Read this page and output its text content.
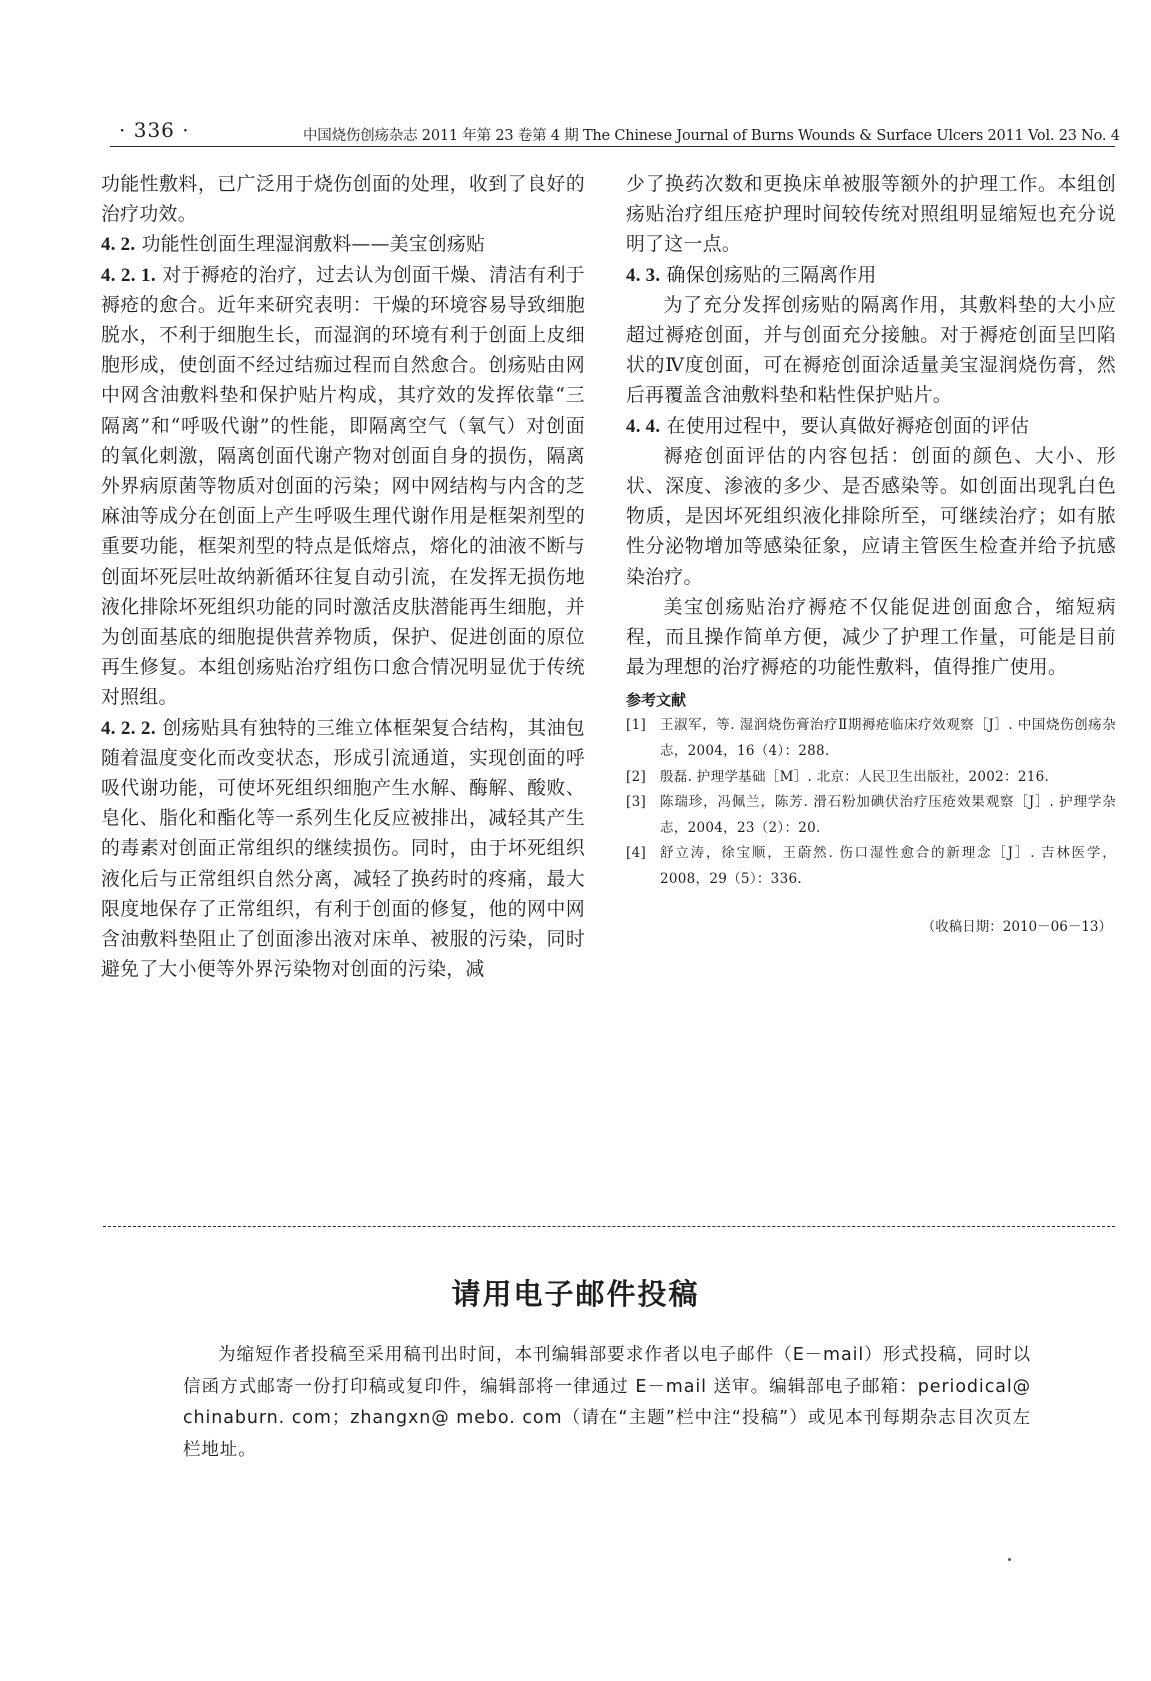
· 336 ·	中国烧伤创疡杂志 2011 年第 23 卷第 4 期 The Chinese Journal of Burns Wounds & Surface Ulcers 2011 Vol. 23 No. 4

功能性敷料，已广泛用于烧伤创面的处理，收到了良好的治疗功效。

4. 2. 功能性创面生理湿润敷料——美宝创疡贴

4. 2. 1. 对于褥疮的治疗，过去认为创面干燥、清洁有利于褥疮的愈合。近年来研究表明：干燥的环境容易导致细胞脱水，不利于细胞生长，而湿润的环境有利于创面上皮细胞形成，使创面不经过结痂过程而自然愈合。创疡贴由网中网含油敷料垫和保护贴片构成，其疗效的发挥依靠“三隔离”和“呼吸代谢”的性能，即隔离空气（氧气）对创面的氧化刺激，隔离创面代谢产物对创面自身的损伤，隔离外界病原菌等物质对创面的污染；网中网结构与内含的芝麻油等成分在创面上产生呼吸生理代谢作用是框架剂型的重要功能，框架剂型的特点是低熔点，熔化的油液不断与创面坏死层吐故纳新循环往复自动引流，在发挥无损伤地液化排除坏死组织功能的同时激活皮肤潜能再生细胞，并为创面基底的细胞提供营养物质，保护、促进创面的原位再生修复。本组创疡贴治疗组伤口愈合情况明显优于传统对照组。

4. 2. 2. 创疡贴具有独特的三维立体框架复合结构，其油包随着温度变化而改变状态，形成引流通道，实现创面的呼吸代谢功能，可使坏死组织细胞产生水解、酶解、酸败、皂化、脂化和酯化等一系列生化反应被排出，减轻其产生的毒素对创面正常组织的继续损伤。同时，由于坏死组织液化后与正常组织自然分离，减轻了换药时的疼痛，最大限度地保存了正常组织，有利于创面的修复，他的网中网含油敷料垫阻止了创面渗出液对床单、被服的污染，同时避免了大小便等外界污染物对创面的污染，减

少了换药次数和更换床单被服等额外的护理工作。本组创疡贴治疗组压疮护理时间较传统对照组明显缩短也充分说明了这一点。

4. 3. 确保创疡贴的三隔离作用

为了充分发挥创疡贴的隔离作用，其敷料垫的大小应超过褥疮创面，并与创面充分接触。对于褥疮创面呈凹陷状的Ⅳ度创面，可在褥疮创面涂适量美宝湿润烧伤膏，然后再覆盖含油敷料垫和粘性保护贴片。

4. 4. 在使用过程中，要认真做好褥疮创面的评估

褥疮创面评估的内容包括：创面的颜色、大小、形状、深度、渗液的多少、是否感染等。如创面出现乳白色物质，是因坏死组织液化排除所至，可继续治疗；如有脓性分泌物增加等感染征象，应请主管医生检查并给予抗感染治疗。

美宝创疡贴治疗褥疮不仅能促进创面愈合，缩短病程，而且操作简单方便，减少了护理工作量，可能是目前最为理想的治疗褥疮的功能性敷料，值得推广使用。

参考文献
[1]	王淑军，等. 湿润烧伤膏治疗Ⅱ期褥疮临床疗效观察［J］. 中国烧伤创疡杂志，2004，16（4）：288.
[2]	殷磊. 护理学基础［M］. 北京：人民卫生出版社，2002：216.
[3]	陈瑞珍，冯佩兰，陈芳. 滑石粉加碘伏治疗压疮效果观察［J］. 护理学杂志，2004，23（2）：20.
[4]	舒立涛，徐宝顺，王蔚然. 伤口湿性愈合的新理念［J］. 吉林医学，2008，29（5）：336.
（收稿日期：2010－06－13）
请用电子邮件投稿
为缩短作者投稿至采用稿刊出时间，本刊编辑部要求作者以电子邮件（E－mail）形式投稿，同时以信函方式邮寄一份打印稿或复印件，编辑部将一律通过 E－mail 送审。编辑部电子邮箱：periodical@ chinaburn. com；zhangxn@ mebo. com（请在“主题”栏中注“投稿”）或见本刊每期杂志目次页左栏地址。
